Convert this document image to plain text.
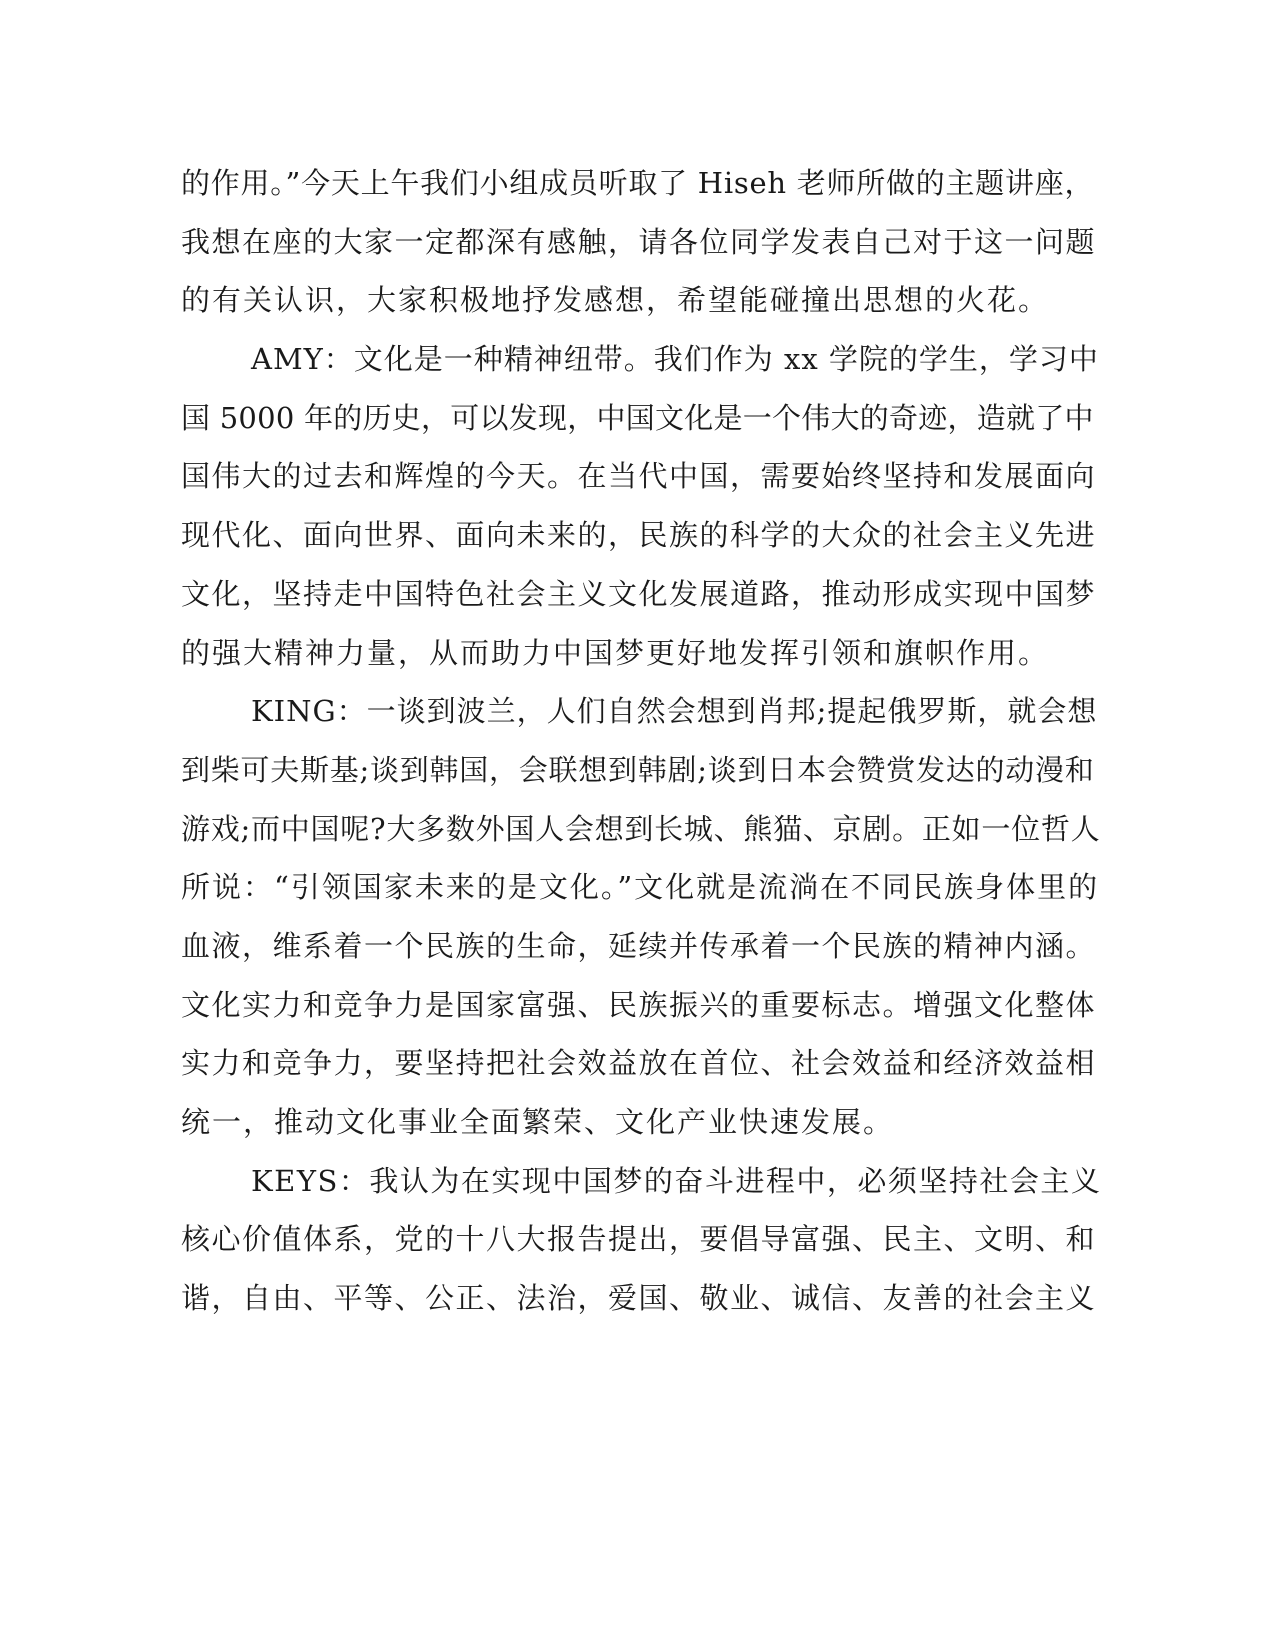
的作用。”今天上午我们小组成员听取了 Hiseh 老师所做的主题讲座，
我想在座的大家一定都深有感触，请各位同学发表自己对于这一问题
的有关认识，大家积极地抒发感想，希望能碰撞出思想的火花。
AMY：文化是一种精神纽带。我们作为 xx 学院的学生，学习中
国 5000 年的历史，可以发现，中国文化是一个伟大的奇迹，造就了中
国伟大的过去和辉煌的今天。在当代中国，需要始终坚持和发展面向
现代化、面向世界、面向未来的，民族的科学的大众的社会主义先进
文化，坚持走中国特色社会主义文化发展道路，推动形成实现中国梦
的强大精神力量，从而助力中国梦更好地发挥引领和旗帜作用。
KING：一谈到波兰，人们自然会想到肖邦;提起俄罗斯，就会想
到柴可夫斯基;谈到韩国，会联想到韩剧;谈到日本会赞赏发达的动漫和
游戏;而中国呢?大多数外国人会想到长城、熊猫、京剧。正如一位哲人
所说：“引领国家未来的是文化。”文化就是流淌在不同民族身体里的
血液，维系着一个民族的生命，延续并传承着一个民族的精神内涵。
文化实力和竞争力是国家富强、民族振兴的重要标志。增强文化整体
实力和竞争力，要坚持把社会效益放在首位、社会效益和经济效益相
统一，推动文化事业全面繁荣、文化产业快速发展。
KEYS：我认为在实现中国梦的奋斗进程中，必须坚持社会主义
核心价值体系，党的十八大报告提出，要倡导富强、民主、文明、和
谐，自由、平等、公正、法治，爱国、敬业、诚信、友善的社会主义
